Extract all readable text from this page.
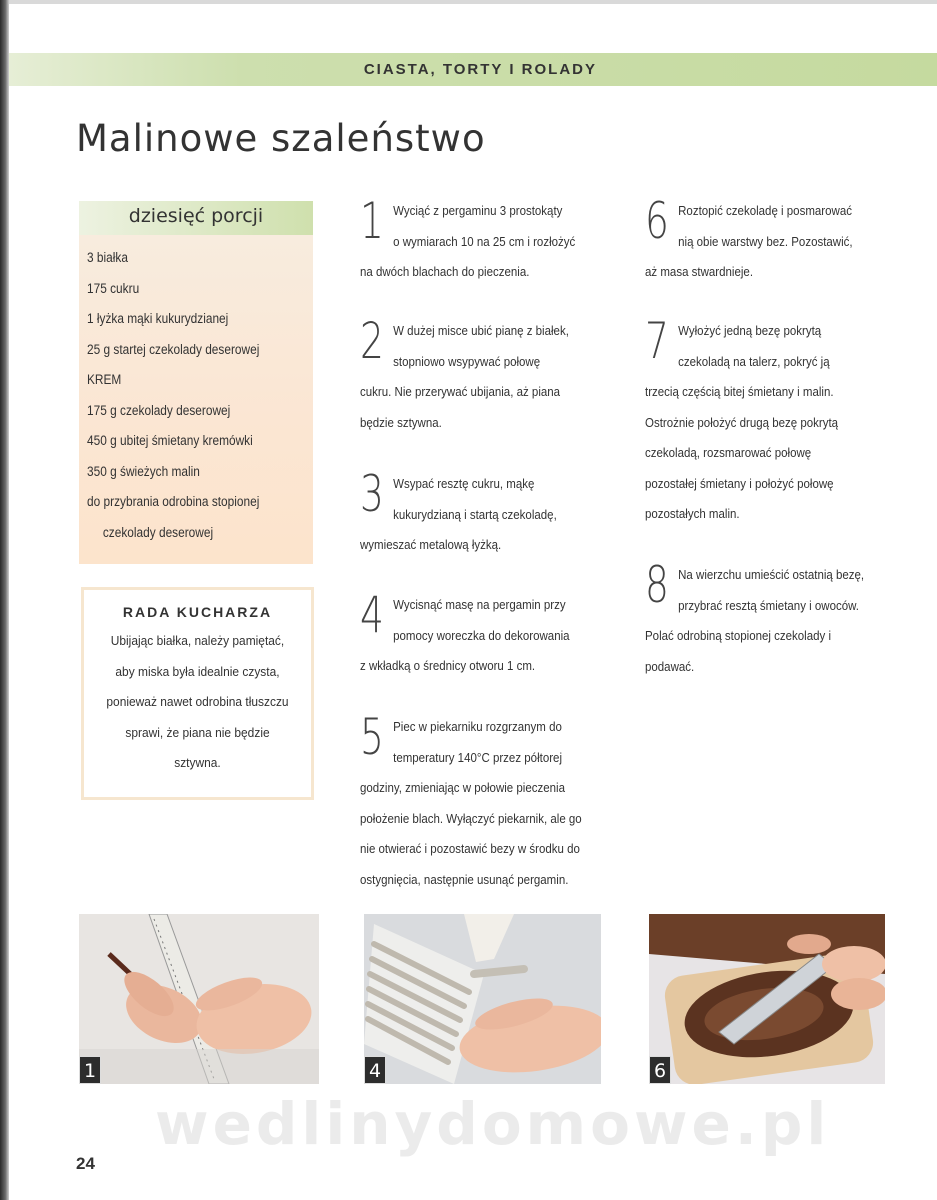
CIASTA, TORTY I ROLADY
Malinowe szaleństwo
dziesięć porcji
3 białka
175 cukru
1 łyżka mąki kukurydzianej
25 g startej czekolady deserowej
KREM
175 g czekolady deserowej
450 g ubitej śmietany kremówki
350 g świeżych malin
do przybrania odrobina stopionej
czekolady deserowej
RADA KUCHARZA
Ubijając białka, należy pamiętać,
aby miska była idealnie czysta,
ponieważ nawet odrobina tłuszczu
sprawi, że piana nie będzie
sztywna.
1 Wyciąć z pergaminu 3 prostokąty
o wymiarach 10 na 25 cm i rozłożyć
na dwóch blachach do pieczenia.
2 W dużej misce ubić pianę z białek,
stopniowo wsypywać połowę
cukru. Nie przerywać ubijania, aż piana
będzie sztywna.
3 Wsypać resztę cukru, mąkę
kukurydzianą i startą czekoladę,
wymieszać metalową łyżką.
4 Wycisnąć masę na pergamin przy
pomocy woreczka do dekorowania
z wkładką o średnicy otworu 1 cm.
5 Piec w piekarniku rozgrzanym do
temperatury 140°C przez półtorej
godziny, zmieniając w połowie pieczenia
położenie blach. Wyłączyć piekarnik, ale go
nie otwierać i pozostawić bezy w środku do
ostygnięcia, następnie usunąć pergamin.
6 Roztopić czekoladę i posmarować
nią obie warstwy bez. Pozostawić,
aż masa stwardnieje.
7 Wyłożyć jedną bezę pokrytą
czekoladą na talerz, pokryć ją
trzecią częścią bitej śmietany i malin.
Ostrożnie położyć drugą bezę pokrytą
czekoladą, rozsmarować połowę
pozostałej śmietany i położyć połowę
pozostałych malin.
8 Na wierzchu umieścić ostatnią bezę,
przybrać resztą śmietany i owoców.
Polać odrobiną stopionej czekolady i
podawać.
1	4	6
wedlinydomowe.pl
24
